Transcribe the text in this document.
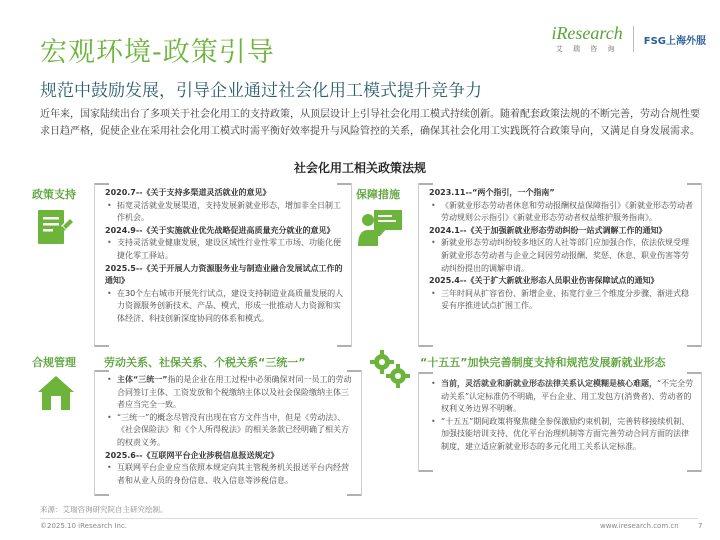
宏观环境-政策引导
iResearch
艾 瑞 咨 询
FSG上海外服
规范中鼓励发展，引导企业通过社会化用工模式提升竞争力
近年来，国家陆续出台了多项关于社会化用工的支持政策，从顶层设计上引导社会化用工模式持续创新。随着配套政策法规的不断完善，劳动合规性要求日趋严格，促使企业在采用社会化用工模式时需平衡好效率提升与风险管控的关系，确保其社会化用工实践既符合政策导向，又满足自身发展需求。
社会化用工相关政策法规
政策支持	2020.7--《关于支持多渠道灵活就业的意见》
• 拓宽灵活就业发展渠道，支持发展新就业形态，增加非全日制工作机会。
2024.9--《关于实施就业优先战略促进高质量充分就业的意见》
• 支持灵活就业健康发展，建设区域性行业性零工市场、功能化便捷化零工驿站。
2025.5--《关于开展人力资源服务业与制造业融合发展试点工作的通知》
• 在30个左右城市开展先行试点，建设支持制造业高质量发展的人力资源服务创新技术、产品、模式，形成一批推动人力资源和实体经济、科技创新深度协同的体系和模式。
保障措施	2023.11--“两个指引，一个指南”
• 《新就业形态劳动者休息和劳动报酬权益保障指引》《新就业形态劳动者劳动规则公示指引》《新就业形态劳动者权益维护服务指南》。
2024.1--《关于加强新就业形态劳动纠纷一站式调解工作的通知》
• 新就业形态劳动纠纷较多地区的人社等部门应加强合作，依法依规受理新就业形态劳动者与企业之间因劳动报酬、奖惩、休息、职业伤害等劳动纠纷提出的调解申请。
2025.4--《关于扩大新就业形态人员职业伤害保障试点的通知》
• 三年时间从扩容省份、新增企业、拓宽行业三个维度分步骤、渐进式稳妥有序推进试点扩围工作。
合规管理	劳动关系、社保关系、个税关系“三统一”
• 主体“三统一”指的是企业在用工过程中必须确保对同一员工的劳动合同签订主体、工资发放和个税缴纳主体以及社会保险缴纳主体三者应当完全一致。
• “三统一”的概念尽管没有出现在官方文件当中，但是《劳动法》、《社会保险法》和《个人所得税法》的相关条款已经明确了相关方的权责义务。
2025.6--《互联网平台企业涉税信息报送规定》
• 互联网平台企业应当依照本规定向其主管税务机关报送平台内经营者和从业人员的身份信息、收入信息等涉税信息。
“十五五”加快完善制度支持和规范发展新就业形态
• 当前，灵活就业和新就业形态法律关系认定模糊是核心难题，“不完全劳动关系”认定标准仍不明确，平台企业、用工发包方(消费者)、劳动者的权利义务边界不明晰。
• “十五五”期间政策将聚焦健全参保激励约束机制，完善转移接续机制、加强技能培训支持、优化平台治理机制等方面完善劳动合同方面的法律制度，建立适应新就业形态的多元化用工关系认定标准。
来源：艾瑞咨询研究院自主研究绘制。
©2025.10 iResearch Inc.	www.iresearch.com.cn	7
